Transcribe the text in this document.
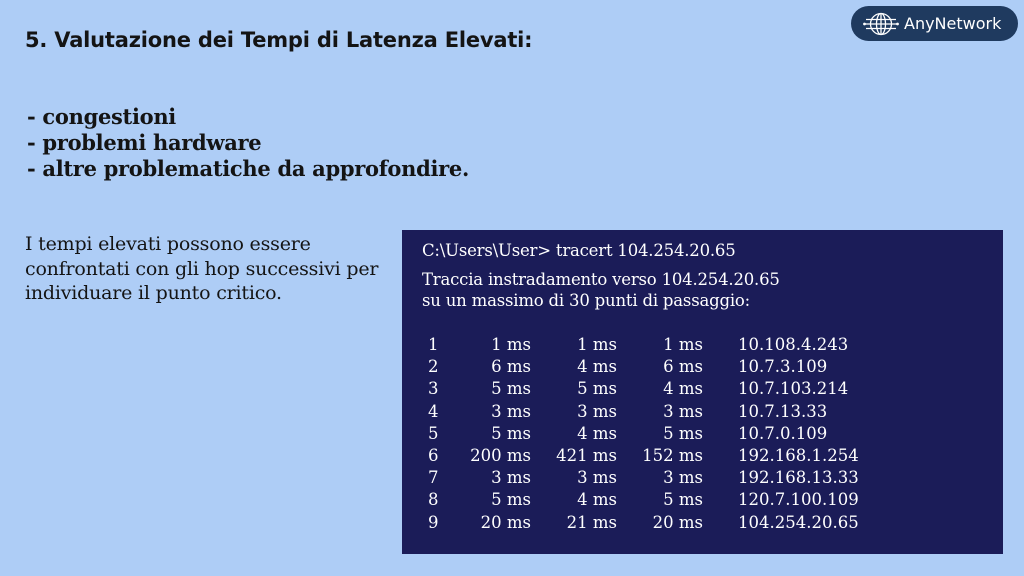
AnyNetwork
5. Valutazione dei Tempi di Latenza Elevati:
- congestioni
- problemi hardware
- altre problematiche da approfondire.

I tempi elevati possono essere confrontati con gli hop successivi per individuare il punto critico.

C:\Users\User> tracert 104.254.20.65
Traccia instradamento verso 104.254.20.65
su un massimo di 30 punti di passaggio:
1	1 ms	1 ms	1 ms 10.108.4.243
2	6 ms	4 ms	6 ms 10.7.3.109
3	5 ms	5 ms	4 ms 10.7.103.214
4	3 ms	3 ms	3 ms 10.7.13.33
5	5 ms	4 ms	5 ms 10.7.0.109
6 200 ms 421 ms 152 ms 192.168.1.254
7	3 ms	3 ms	3 ms 192.168.13.33
8	5 ms	4 ms	5 ms 120.7.100.109
9	20 ms 21 ms 20 ms 104.254.20.65
